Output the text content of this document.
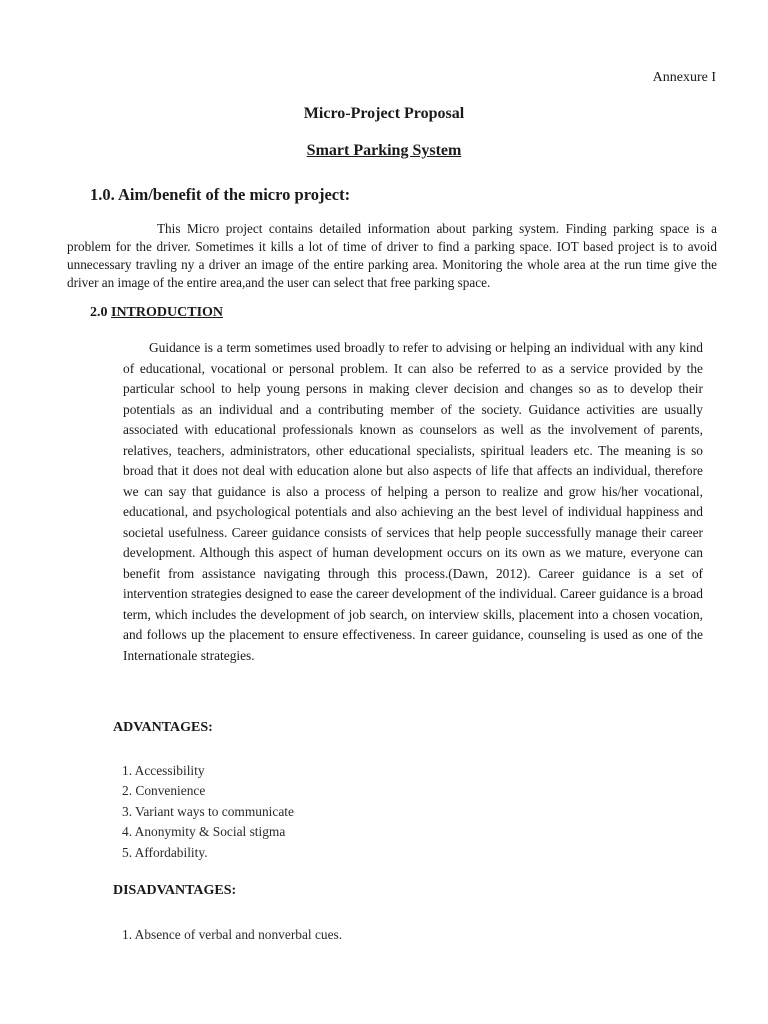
Annexure I
Micro-Project Proposal
Smart Parking System
1.0. Aim/benefit of the micro project:

This Micro project contains detailed information about parking system. Finding parking space is a problem for the driver. Sometimes it kills a lot of time of driver to find a parking space. IOT based project is to avoid unnecessary travling ny a driver an image of the entire parking area. Monitoring the whole area at the run time give the driver an image of the entire area,and the user can select that free parking space.

2.0 INTRODUCTION

Guidance is a term sometimes used broadly to refer to advising or helping an individual with any kind of educational, vocational or personal problem. It can also be referred to as a service provided by the particular school to help young persons in making clever decision and changes so as to develop their potentials as an individual and a contributing member of the society. Guidance activities are usually associated with educational professionals known as counselors as well as the involvement of parents, relatives, teachers, administrators, other educational specialists, spiritual leaders etc. The meaning is so broad that it does not deal with education alone but also aspects of life that affects an individual, therefore we can say that guidance is also a process of helping a person to realize and grow his/her vocational, educational, and psychological potentials and also achieving an the best level of individual happiness and societal usefulness. Career guidance consists of services that help people successfully manage their career development. Although this aspect of human development occurs on its own as we mature, everyone can benefit from assistance navigating through this process.(Dawn, 2012). Career guidance is a set of intervention strategies designed to ease the career development of the individual. Career guidance is a broad term, which includes the development of job search, on interview skills, placement into a chosen vocation, and follows up the placement to ensure effectiveness. In career guidance, counseling is used as one of the Internationale strategies.

ADVANTAGES:
1. Accessibility
2. Convenience
3. Variant ways to communicate
4. Anonymity & Social stigma
5. Affordability.
DISADVANTAGES:
1. Absence of verbal and nonverbal cues.
